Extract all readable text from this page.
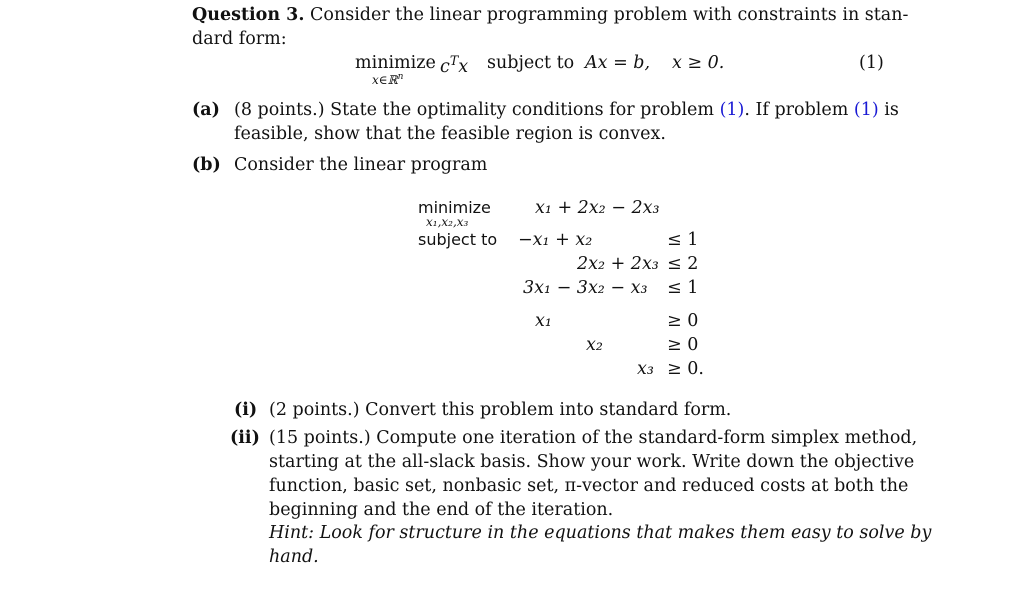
Question 3. Consider the linear programming problem with constraints in stan-
dard form:
minimize
x∈ℝ$^n$
$c^Tx$ subject to Ax = b, x ≥ 0.	(1)
(a) (8 points.) State the optimality conditions for problem (1). If problem (1) is
feasible, show that the feasible region is convex.
(b) Consider the linear program
minimize
x₁,x₂,x₃
x₁ + 2x₂ − 2x₃
subject to −x₁ + x₂	≤ 1
2x₂ + 2x₃ ≤ 2
3x₁ − 3x₂ − x₃ ≤ 1
x₁	≥ 0
x₂	≥ 0
x₃ ≥ 0.
(i) (2 points.) Convert this problem into standard form.
(ii) (15 points.) Compute one iteration of the standard-form simplex method,
starting at the all-slack basis. Show your work. Write down the objective
function, basic set, nonbasic set, π-vector and reduced costs at both the
beginning and the end of the iteration.
Hint: Look for structure in the equations that makes them easy to solve by
hand.
